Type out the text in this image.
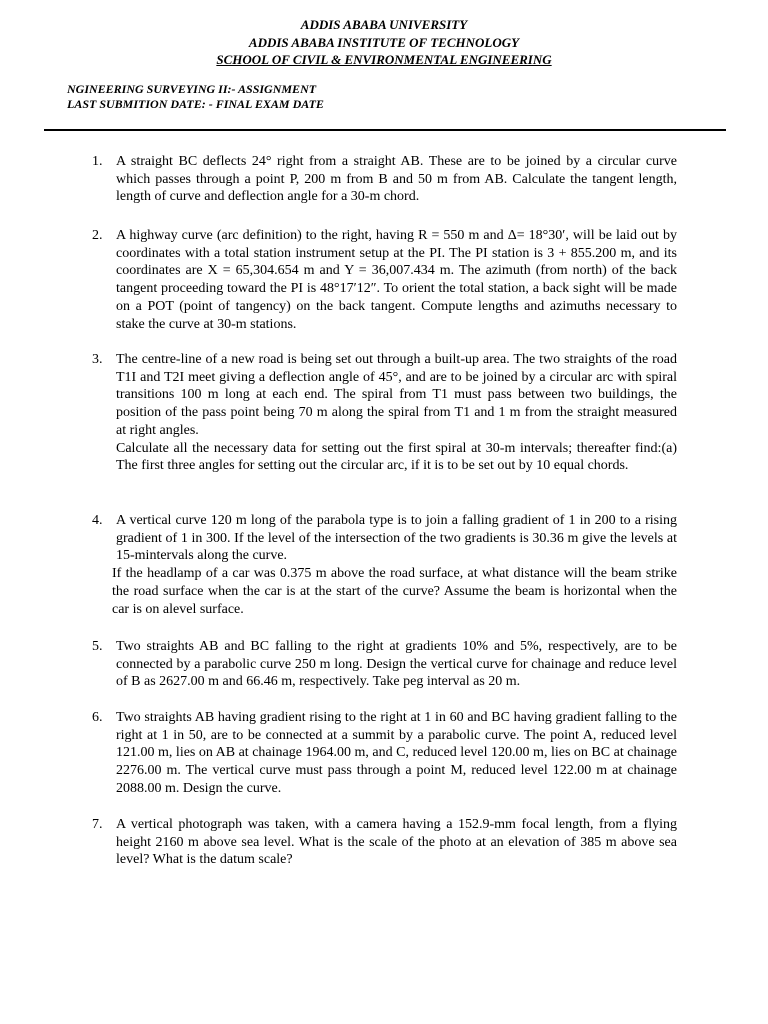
ADDIS ABABA UNIVERSITY
ADDIS ABABA INSTITUTE OF TECHNOLOGY
SCHOOL OF CIVIL & ENVIRONMENTAL ENGINEERING
NGINEERING SURVEYING II:- ASSIGNMENT
LAST SUBMITION DATE: - FINAL EXAM DATE
1. A straight BC deflects 24° right from a straight AB. These are to be joined by a circular curve which passes through a point P, 200 m from B and 50 m from AB. Calculate the tangent length, length of curve and deflection angle for a 30-m chord.
2. A highway curve (arc definition) to the right, having R = 550 m and Δ= 18°30′, will be laid out by coordinates with a total station instrument setup at the PI. The PI station is 3 + 855.200 m, and its coordinates are X = 65,304.654 m and Y = 36,007.434 m. The azimuth (from north) of the back tangent proceeding toward the PI is 48°17′12″. To orient the total station, a back sight will be made on a POT (point of tangency) on the back tangent. Compute lengths and azimuths necessary to stake the curve at 30-m stations.
3. The centre-line of a new road is being set out through a built-up area. The two straights of the road T1I and T2I meet giving a deflection angle of 45°, and are to be joined by a circular arc with spiral transitions 100 m long at each end. The spiral from T1 must pass between two buildings, the position of the pass point being 70 m along the spiral from T1 and 1 m from the straight measured at right angles.

Calculate all the necessary data for setting out the first spiral at 30-m intervals; thereafter find:(a) The first three angles for setting out the circular arc, if it is to be set out by 10 equal chords.

4. A vertical curve 120 m long of the parabola type is to join a falling gradient of 1 in 200 to a rising gradient of 1 in 300. If the level of the intersection of the two gradients is 30.36 m give the levels at 15-mintervals along the curve.
If the headlamp of a car was 0.375 m above the road surface, at what distance will the beam strike the road surface when the car is at the start of the curve? Assume the beam is horizontal when the car is on alevel surface.
5. Two straights AB and BC falling to the right at gradients 10% and 5%, respectively, are to be connected by a parabolic curve 250 m long. Design the vertical curve for chainage and reduce level of B as 2627.00 m and 66.46 m, respectively. Take peg interval as 20 m.
6. Two straights AB having gradient rising to the right at 1 in 60 and BC having gradient falling to the right at 1 in 50, are to be connected at a summit by a parabolic curve. The point A, reduced level 121.00 m, lies on AB at chainage 1964.00 m, and C, reduced level 120.00 m, lies on BC at chainage 2276.00 m. The vertical curve must pass through a point M, reduced level 122.00 m at chainage 2088.00 m. Design the curve.
7. A vertical photograph was taken, with a camera having a 152.9-mm focal length, from a flying height 2160 m above sea level. What is the scale of the photo at an elevation of 385 m above sea level? What is the datum scale?
